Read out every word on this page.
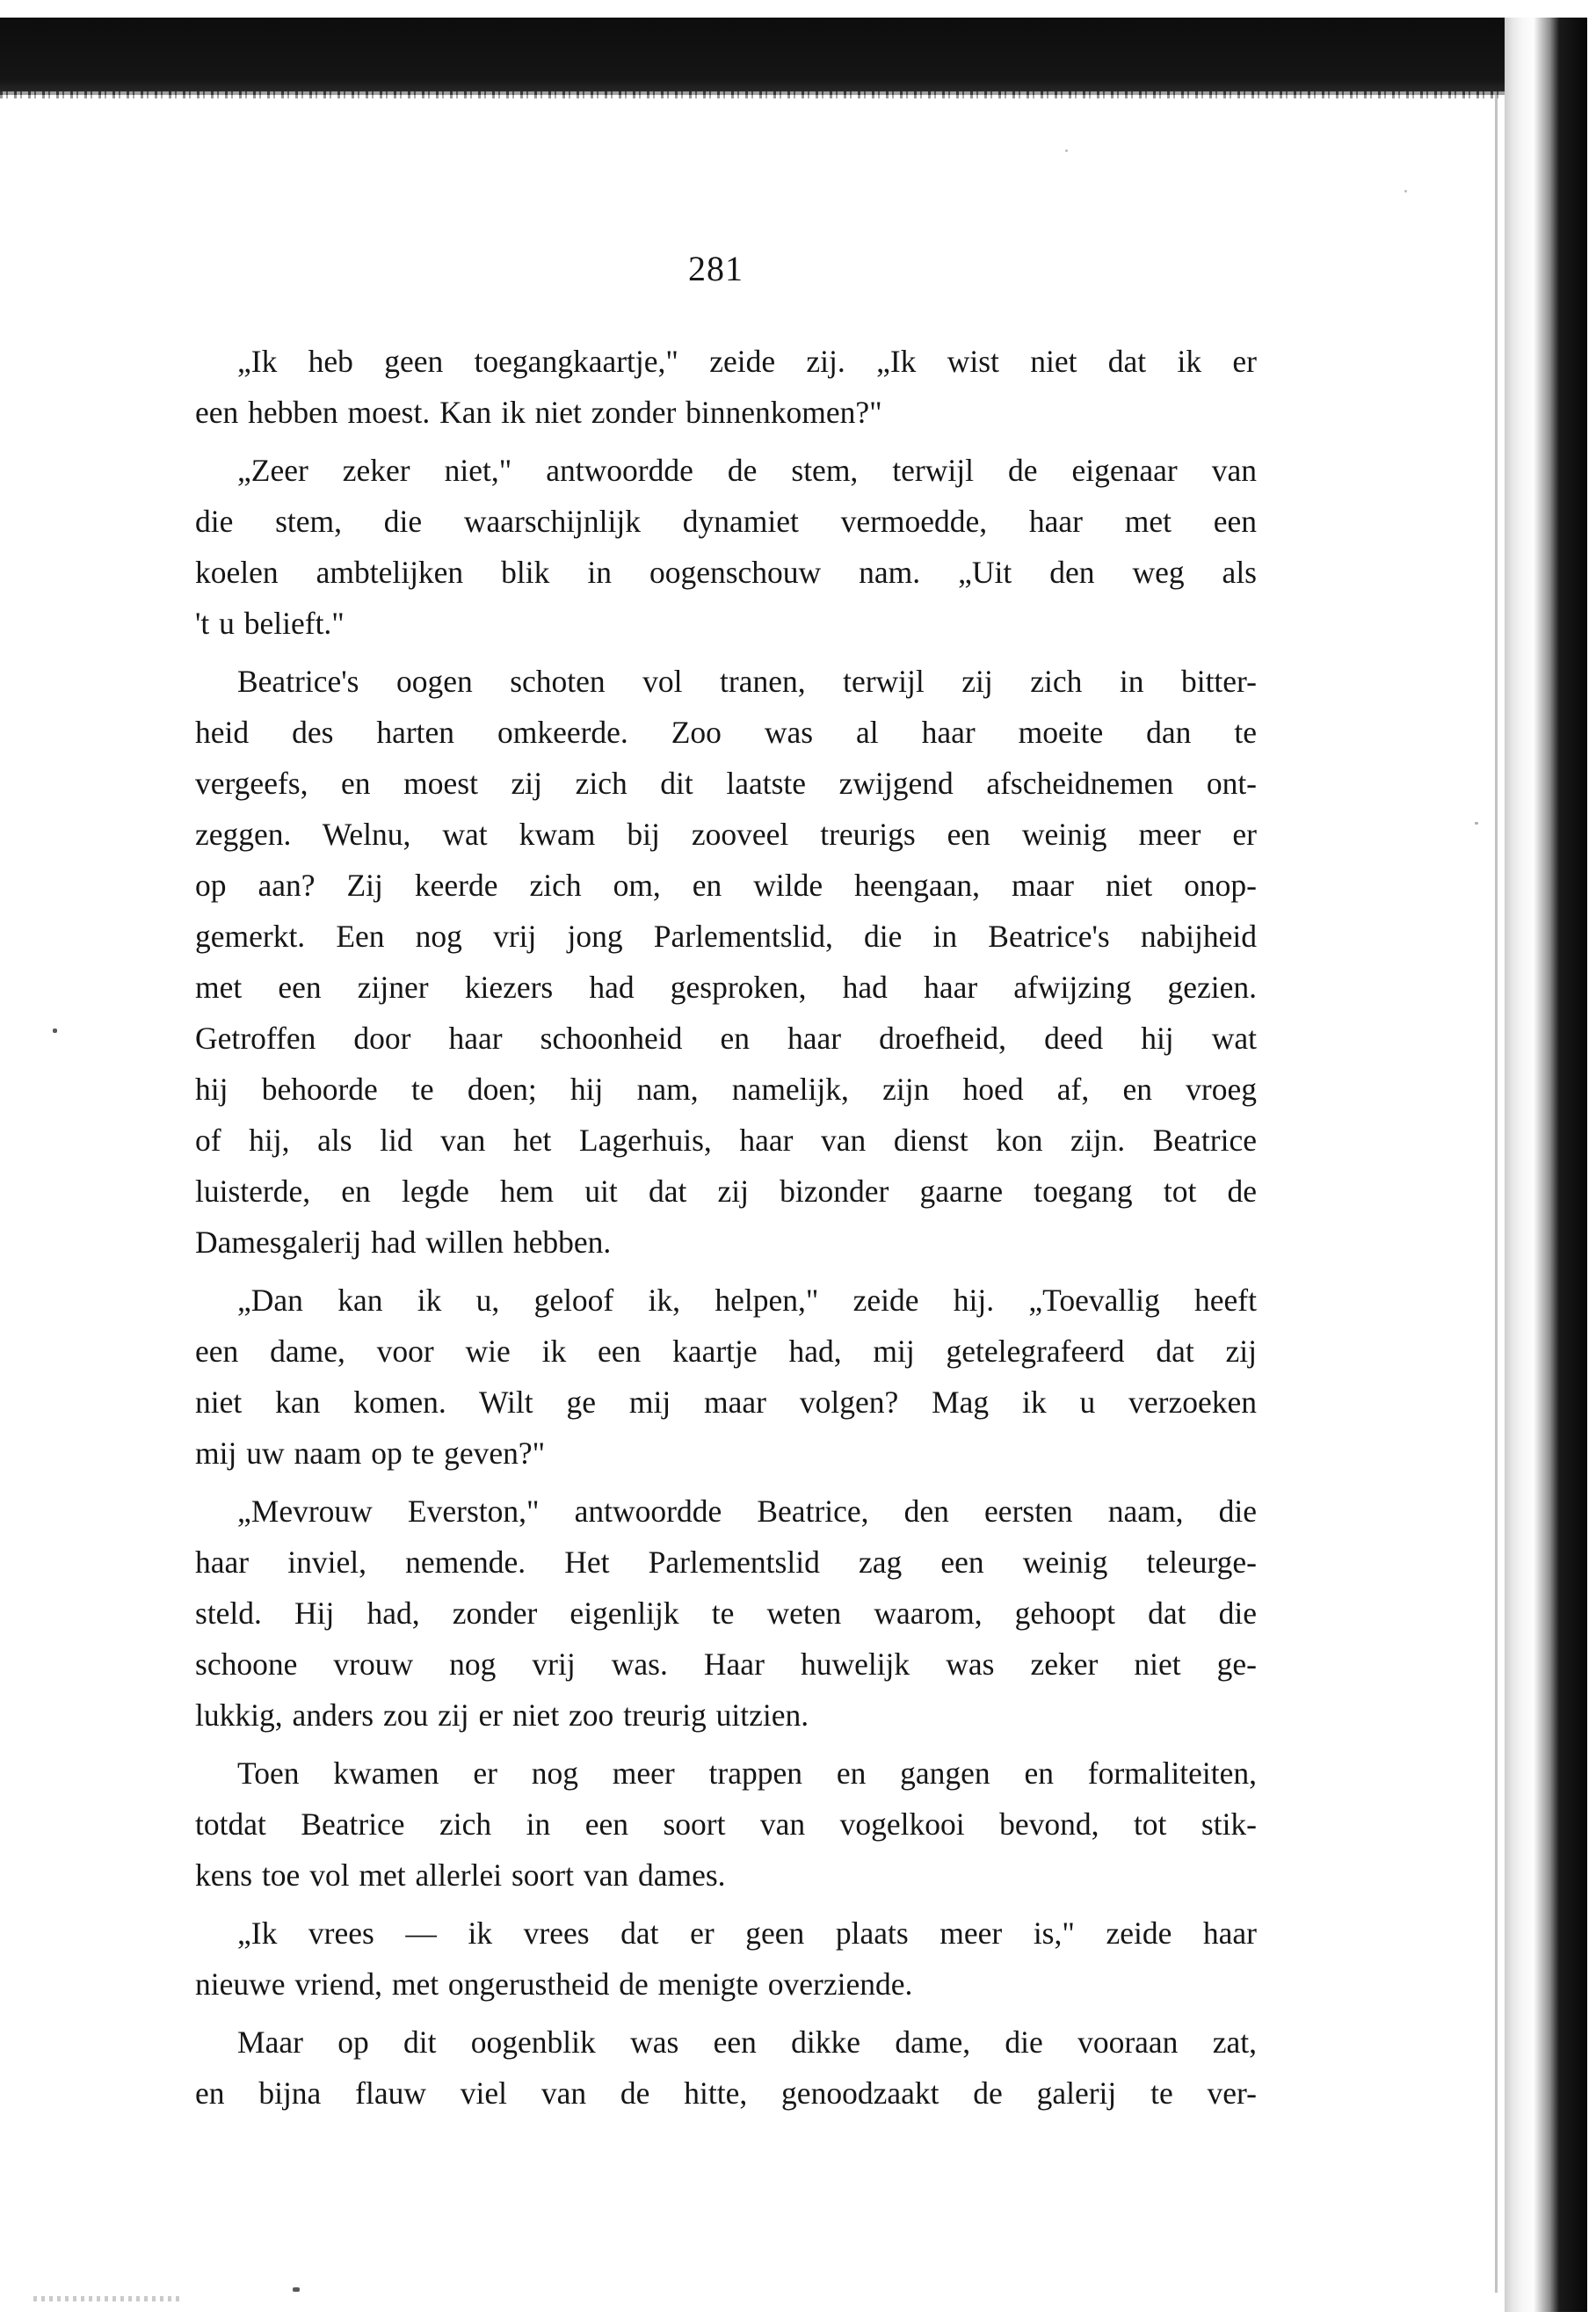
281
„Ik heb geen toegangkaartje," zeide zij. „Ik wist niet dat ik er
een hebben moest. Kan ik niet zonder binnenkomen?"
„Zeer zeker niet," antwoordde de stem, terwijl de eigenaar van
die stem, die waarschijnlijk dynamiet vermoedde, haar met een
koelen ambtelijken blik in oogenschouw nam. „Uit den weg als
't u belieft."
Beatrice's oogen schoten vol tranen, terwijl zij zich in bitter-
heid des harten omkeerde. Zoo was al haar moeite dan te
vergeefs, en moest zij zich dit laatste zwijgend afscheidnemen ont-
zeggen. Welnu, wat kwam bij zooveel treurigs een weinig meer er
op aan? Zij keerde zich om, en wilde heengaan, maar niet onop-
gemerkt. Een nog vrij jong Parlementslid, die in Beatrice's nabijheid
met een zijner kiezers had gesproken, had haar afwijzing gezien.
Getroffen door haar schoonheid en haar droefheid, deed hij wat
hij behoorde te doen; hij nam, namelijk, zijn hoed af, en vroeg
of hij, als lid van het Lagerhuis, haar van dienst kon zijn. Beatrice
luisterde, en legde hem uit dat zij bizonder gaarne toegang tot de
Damesgalerij had willen hebben.
„Dan kan ik u, geloof ik, helpen," zeide hij. „Toevallig heeft
een dame, voor wie ik een kaartje had, mij getelegrafeerd dat zij
niet kan komen. Wilt ge mij maar volgen? Mag ik u verzoeken
mij uw naam op te geven?"
„Mevrouw Everston," antwoordde Beatrice, den eersten naam, die
haar inviel, nemende. Het Parlementslid zag een weinig teleurge-
steld. Hij had, zonder eigenlijk te weten waarom, gehoopt dat die
schoone vrouw nog vrij was. Haar huwelijk was zeker niet ge-
lukkig, anders zou zij er niet zoo treurig uitzien.
Toen kwamen er nog meer trappen en gangen en formaliteiten,
totdat Beatrice zich in een soort van vogelkooi bevond, tot stik-
kens toe vol met allerlei soort van dames.
„Ik vrees — ik vrees dat er geen plaats meer is," zeide haar
nieuwe vriend, met ongerustheid de menigte overziende.
Maar op dit oogenblik was een dikke dame, die vooraan zat,
en bijna flauw viel van de hitte, genoodzaakt de galerij te ver-
